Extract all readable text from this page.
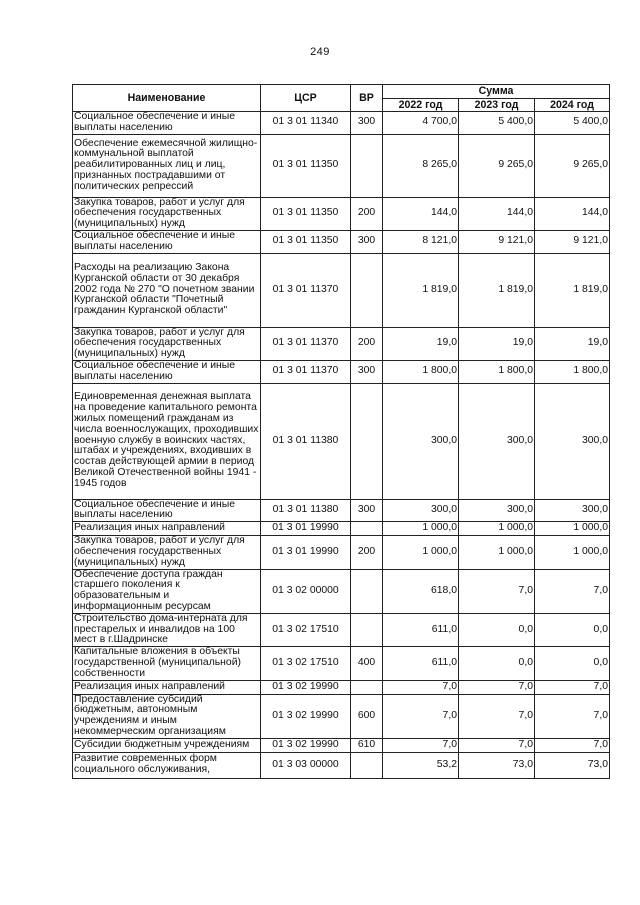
249
Наименование	ЦСР	ВР	Сумма		
			2022 год	2023 год	2024 год
Социальное обеспечение и иные выплаты населению	01 3 01 11340	300	4 700,0	5 400,0	5 400,0
Обеспечение ежемесячной жилищно-коммунальной выплатой реабилитированных лиц и лиц, признанных пострадавшими от политических репрессий	01 3 01 11350		8 265,0	9 265,0	9 265,0
Закупка товаров, работ и услуг для обеспечения государственных (муниципальных) нужд	01 3 01 11350	200	144,0	144,0	144,0
Социальное обеспечение и иные выплаты населению	01 3 01 11350	300	8 121,0	9 121,0	9 121,0
Расходы на реализацию Закона Курганской области от 30 декабря 2002 года № 270 "О почетном звании Курганской области "Почетный гражданин Курганской области"	01 3 01 11370		1 819,0	1 819,0	1 819,0
Закупка товаров, работ и услуг для обеспечения государственных (муниципальных) нужд	01 3 01 11370	200	19,0	19,0	19,0
Социальное обеспечение и иные выплаты населению	01 3 01 11370	300	1 800,0	1 800,0	1 800,0
Единовременная денежная выплата на проведение капитального ремонта жилых помещений гражданам из числа военнослужащих, проходивших военную службу в воинских частях, штабах и учреждениях, входивших в состав действующей армии в период Великой Отечественной войны 1941 - 1945 годов	01 3 01 11380		300,0	300,0	300,0
Социальное обеспечение и иные выплаты населению	01 3 01 11380	300	300,0	300,0	300,0
Реализация иных направлений	01 3 01 19990		1 000,0	1 000,0	1 000,0
Закупка товаров, работ и услуг для обеспечения государственных (муниципальных) нужд	01 3 01 19990	200	1 000,0	1 000,0	1 000,0
Обеспечение доступа граждан старшего поколения к образовательным и информационным ресурсам	01 3 02 00000		618,0	7,0	7,0
Строительство дома-интерната для престарелых и инвалидов на 100 мест в г.Шадринске	01 3 02 17510		611,0	0,0	0,0
Капитальные вложения в объекты государственной (муниципальной) собственности	01 3 02 17510	400	611,0	0,0	0,0
Реализация иных направлений	01 3 02 19990		7,0	7,0	7,0
Предоставление субсидий бюджетным, автономным учреждениям и иным некоммерческим организациям	01 3 02 19990	600	7,0	7,0	7,0
Субсидии бюджетным учреждениям	01 3 02 19990	610	7,0	7,0	7,0
Развитие современных форм социального обслуживания,	01 3 03 00000		53,2	73,0	73,0
